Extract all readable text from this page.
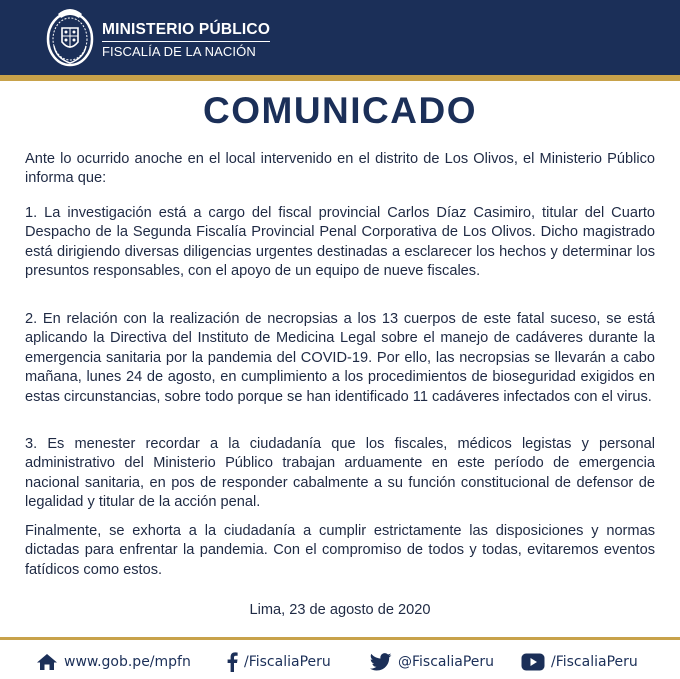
MINISTERIO PÚBLICO
FISCALÍA DE LA NACIÓN
COMUNICADO

Ante lo ocurrido anoche en el local intervenido en el distrito de Los Olivos, el Ministerio Público informa que:

1. La investigación está a cargo del fiscal provincial Carlos Díaz Casimiro, titular del Cuarto Despacho de la Segunda Fiscalía Provincial Penal Corporativa de Los Olivos. Dicho magistrado está dirigiendo diversas diligencias urgentes destinadas a esclarecer los hechos y determinar los presuntos responsables, con el apoyo de un equipo de nueve fiscales.

2. En relación con la realización de necropsias a los 13 cuerpos de este fatal suceso, se está aplicando la Directiva del Instituto de Medicina Legal sobre el manejo de cadáveres durante la emergencia sanitaria por la pandemia del COVID-19. Por ello, las necropsias se llevarán a cabo mañana, lunes 24 de agosto, en cumplimiento a los procedimientos de bioseguridad exigidos en estas circunstancias, sobre todo porque se han identificado 11 cadáveres infectados con el virus.

3. Es menester recordar a la ciudadanía que los fiscales, médicos legistas y personal administrativo del Ministerio Público trabajan arduamente en este período de emergencia nacional sanitaria, en pos de responder cabalmente a su función constitucional de defensor de legalidad y titular de la acción penal.

Finalmente, se exhorta a la ciudadanía a cumplir estrictamente las disposiciones y normas dictadas para enfrentar la pandemia. Con el compromiso de todos y todas, evitaremos eventos fatídicos como estos.

Lima, 23 de agosto de 2020
www.gob.pe/mpfn	/FiscaliaPeru	@FiscaliaPeru	/FiscaliaPeru
